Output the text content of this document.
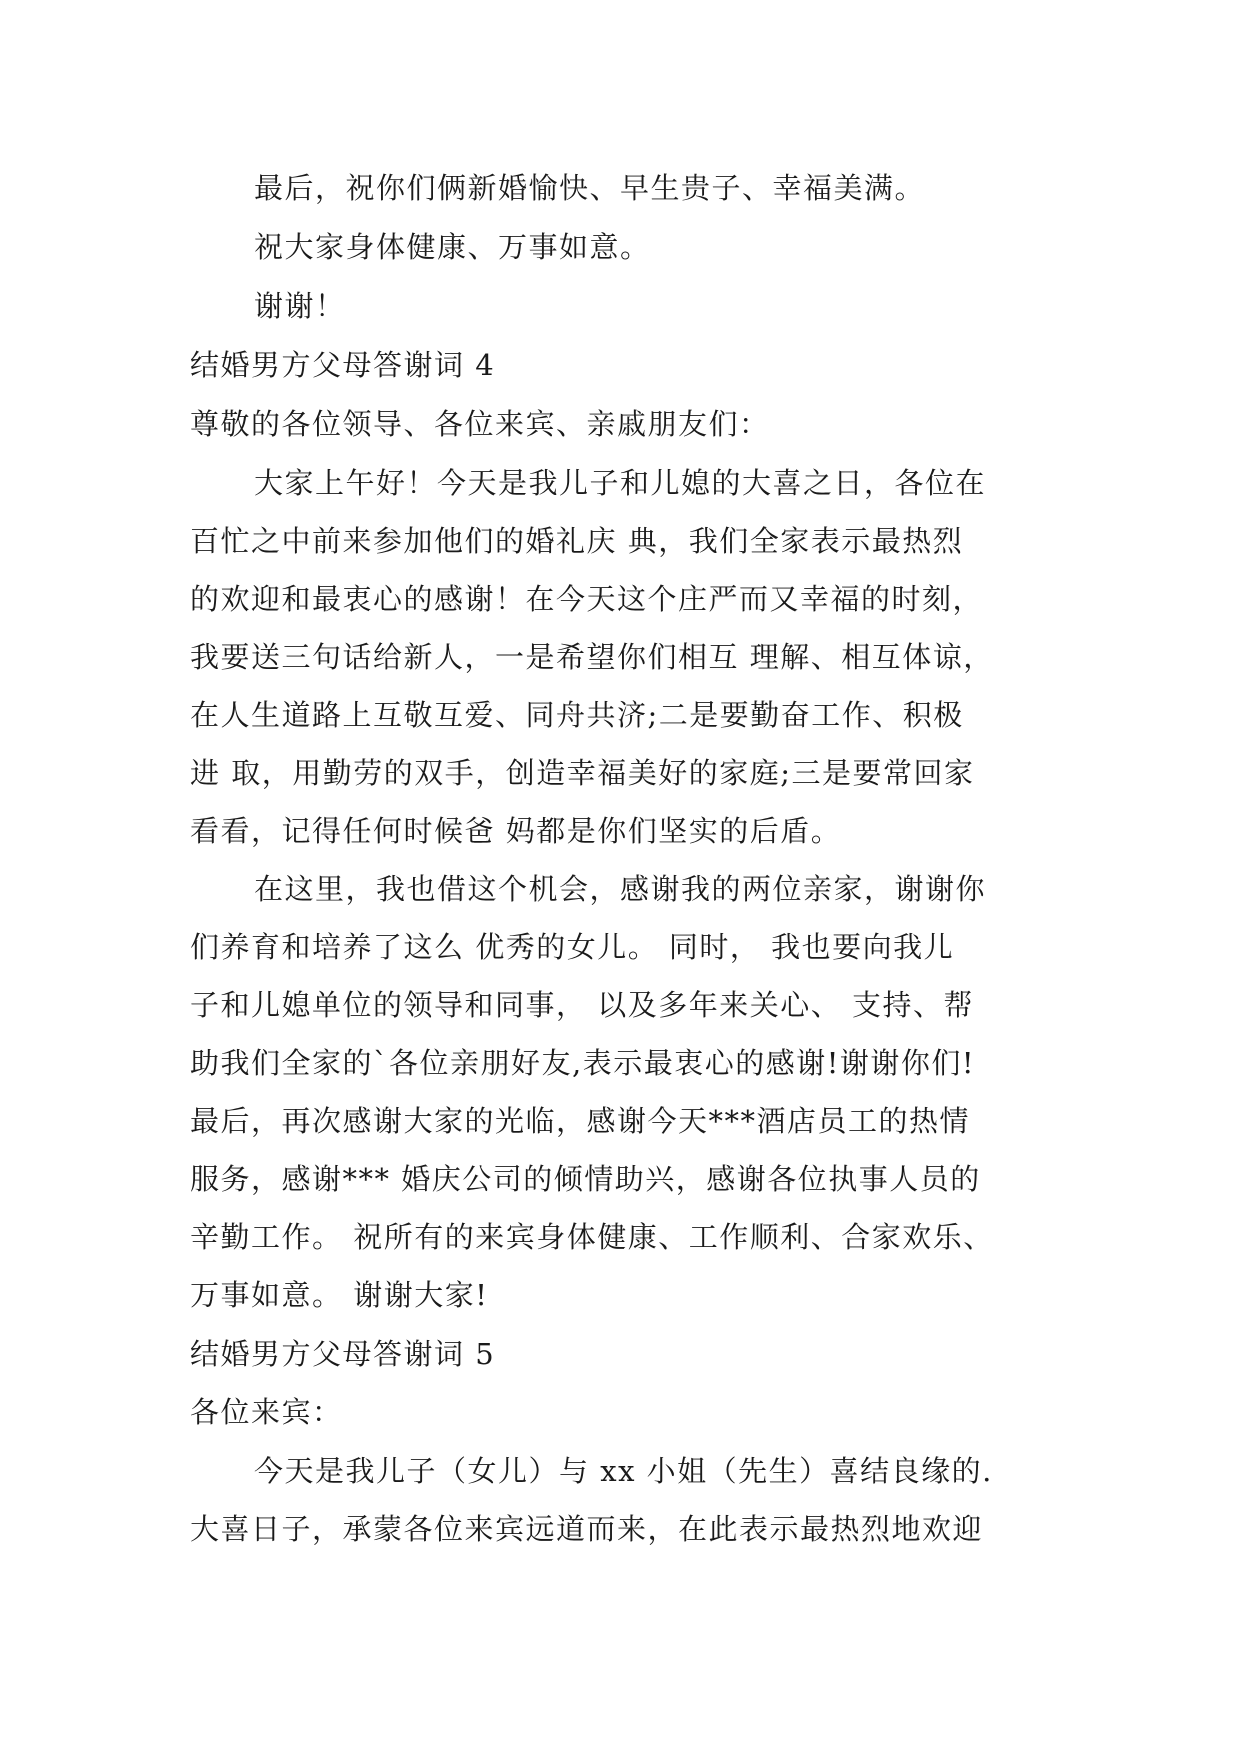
最后，祝你们俩新婚愉快、早生贵子、幸福美满。
祝大家身体健康、万事如意。
谢谢！
结婚男方父母答谢词 4
尊敬的各位领导、各位来宾、亲戚朋友们：
大家上午好！今天是我儿子和儿媳的大喜之日，各位在
百忙之中前来参加他们的婚礼庆 典，我们全家表示最热烈
的欢迎和最衷心的感谢！在今天这个庄严而又幸福的时刻，
我要送三句话给新人，一是希望你们相互 理解、相互体谅，
在人生道路上互敬互爱、同舟共济;二是要勤奋工作、积极
进 取，用勤劳的双手，创造幸福美好的家庭;三是要常回家
看看，记得任何时候爸 妈都是你们坚实的后盾。
在这里，我也借这个机会，感谢我的两位亲家，谢谢你
们养育和培养了这么 优秀的女儿。 同时， 我也要向我儿
子和儿媳单位的领导和同事， 以及多年来关心、 支持、帮
助我们全家的`各位亲朋好友,表示最衷心的感谢!谢谢你们!
最后，再次感谢大家的光临，感谢今天***酒店员工的热情
服务，感谢*** 婚庆公司的倾情助兴，感谢各位执事人员的
辛勤工作。 祝所有的来宾身体健康、工作顺利、合家欢乐、
万事如意。 谢谢大家!
结婚男方父母答谢词 5
各位来宾：
今天是我儿子（女儿）与 xx 小姐（先生）喜结良缘的.
大喜日子，承蒙各位来宾远道而来，在此表示最热烈地欢迎
